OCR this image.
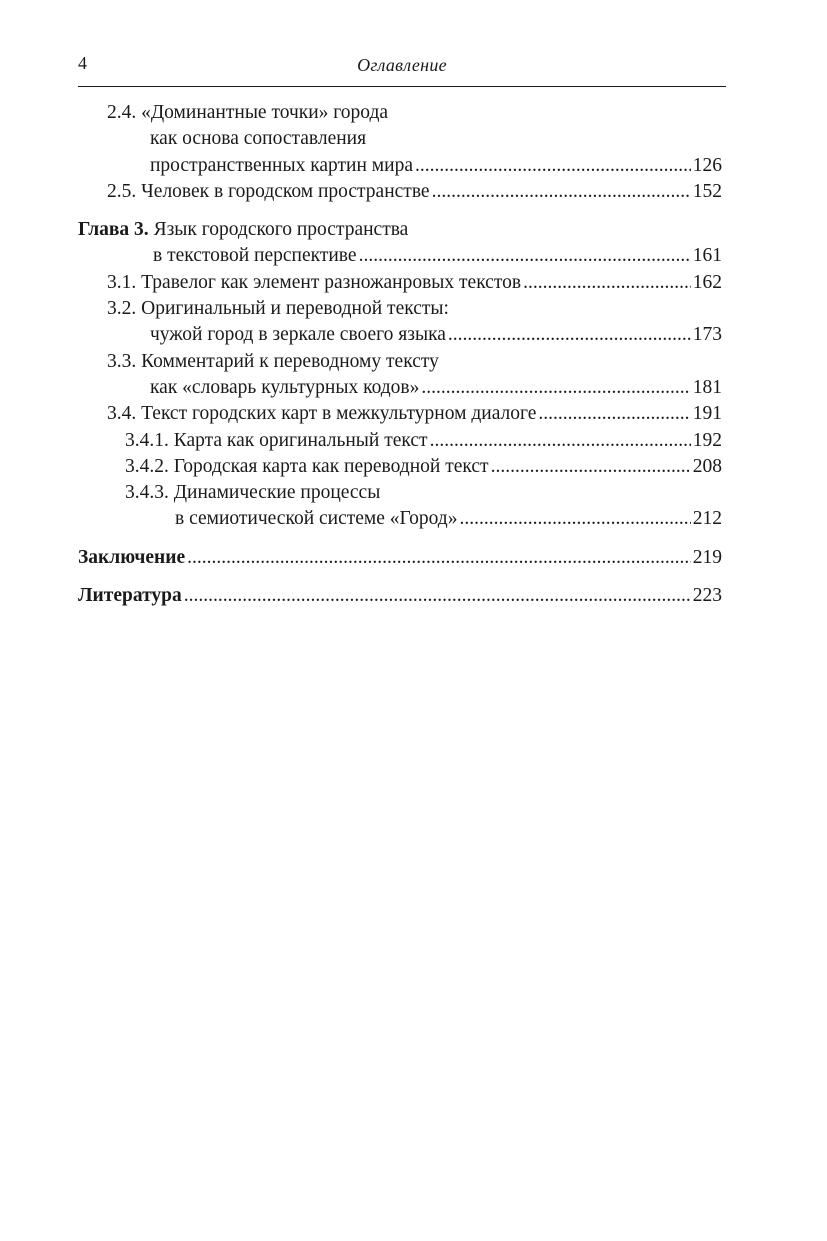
4	Оглавление
2.4. «Доминантные точки» города
как основа сопоставления
пространственных картин мира .....	126
2.5. Человек в городском пространстве .....	152
Глава 3. Язык городского пространства
в текстовой перспективе .....	161
3.1. Травелог как элемент разножанровых текстов .....	162
3.2. Оригинальный и переводной тексты:
чужой город в зеркале своего языка .....	173
3.3. Комментарий к переводному тексту
как «словарь культурных кодов» .....	181
3.4. Текст городских карт в межкультурном диалоге .....	191
3.4.1. Карта как оригинальный текст .....	192
3.4.2. Городская карта как переводной текст .....	208
3.4.3. Динамические процессы
в семиотической системе «Город» .....	212
Заключение .....	219
Литература .....	223
